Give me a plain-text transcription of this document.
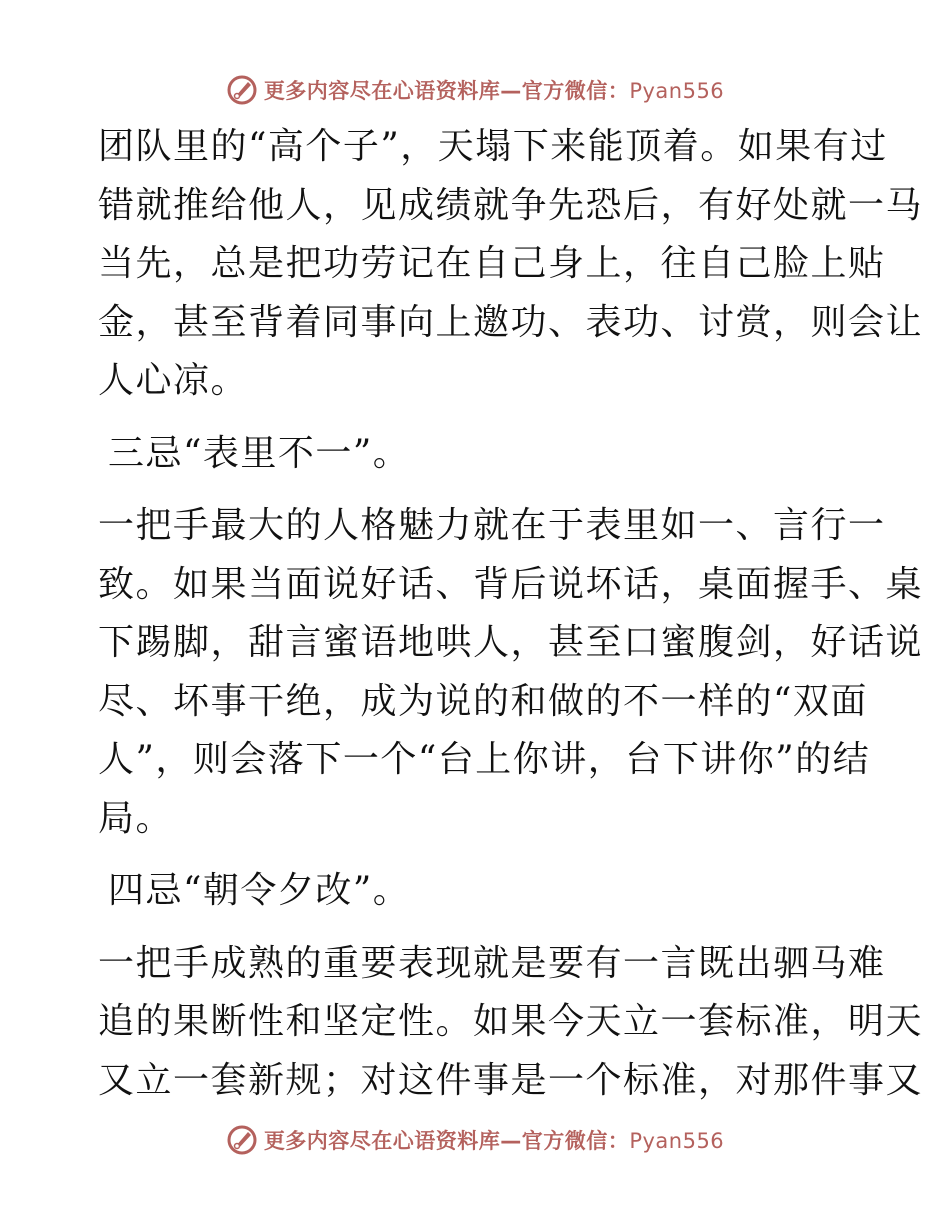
更多内容尽在心语资料库—官方微信：Pyan556
团队里的“高个子”，天塌下来能顶着。如果有过
错就推给他人，见成绩就争先恐后，有好处就一马
当先，总是把功劳记在自己身上，往自己脸上贴
金，甚至背着同事向上邀功、表功、讨赏，则会让
人心凉。
三忌“表里不一”。
一把手最大的人格魅力就在于表里如一、言行一
致。如果当面说好话、背后说坏话，桌面握手、桌
下踢脚，甜言蜜语地哄人，甚至口蜜腹剑，好话说
尽、坏事干绝，成为说的和做的不一样的“双面
人”，则会落下一个“台上你讲，台下讲你”的结
局。
四忌“朝令夕改”。
一把手成熟的重要表现就是要有一言既出驷马难
追的果断性和坚定性。如果今天立一套标准，明天
又立一套新规；对这件事是一个标准，对那件事又
更多内容尽在心语资料库—官方微信：Pyan556
